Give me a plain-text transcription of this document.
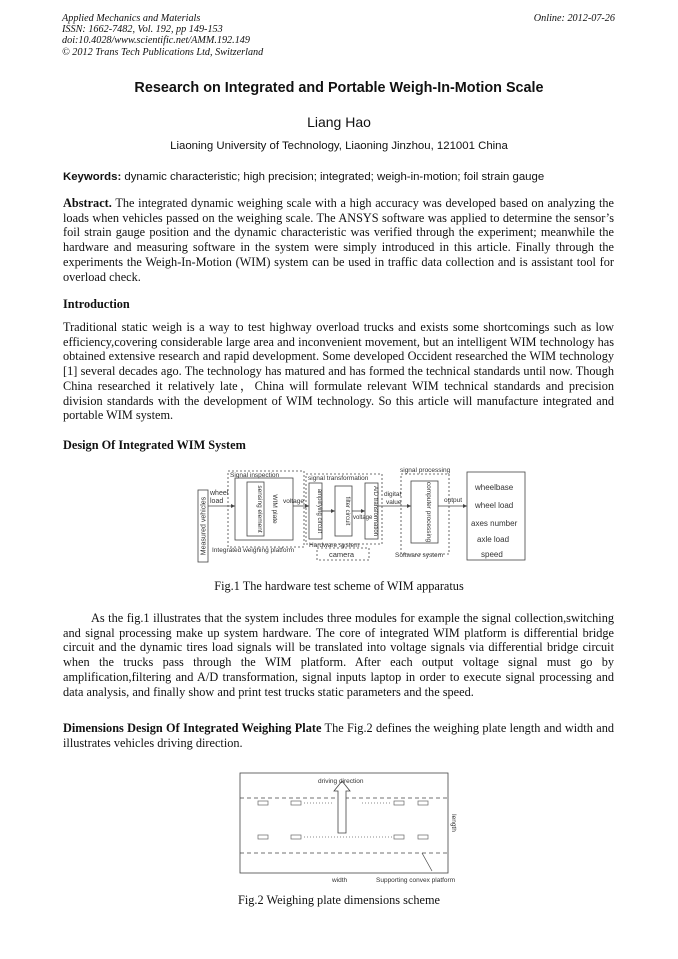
Applied Mechanics and Materials
ISSN: 1662-7482, Vol. 192, pp 149-153
doi:10.4028/www.scientific.net/AMM.192.149
© 2012 Trans Tech Publications Ltd, Switzerland
Online: 2012-07-26
Research on Integrated and Portable Weigh-In-Motion Scale
Liang Hao
Liaoning University of Technology, Liaoning Jinzhou, 121001 China
Keywords: dynamic characteristic; high precision; integrated; weigh-in-motion; foil strain gauge

Abstract. The integrated dynamic weighing scale with a high accuracy was developed based on analyzing the loads when vehicles passed on the weighing scale. The ANSYS software was applied to determine the sensor’s foil strain gauge position and the dynamic characteristic was verified through the experiment; meanwhile the hardware and measuring software in the system were simply introduced in this article. Finally through the experiments the Weigh-In-Motion (WIM) system can be used in traffic data collection and is assistant tool for overload check.

Introduction

Traditional static weigh is a way to test highway overload trucks and exists some shortcomings such as low efficiency,covering considerable large area and inconvenient movement, but an intelligent WIM technology has obtained extensive research and rapid development. Some developed Occident researched the WIM technology [1] several decades ago. The technology has matured and has formed the technical standards until now. Though China researched it relatively late，China will formulate relevant WIM technical standards and precision division standards with the development of WIM technology. So this article will manufacture integrated and portable WIM system.

Design Of Integrated WIM System
Measured vehicles
wheel
load
Signal inspection
sensing element WIM plate voltage
signal transformation
amplifying circuit	filter circuit voltage A/D transformation digital
value
signal processing
computer processing output
Integrated weighing platform
Hardware system
camera	Software system
wheelbase
wheel load
axes number
axle load
speed
Fig.1 The hardware test scheme of WIM apparatus

As the fig.1 illustrates that the system includes three modules for example the signal collection,switching and signal processing make up system hardware. The core of integrated WIM platform is differential bridge circuit and the dynamic tires load signals will be translated into voltage signals via differential bridge circuit when the trucks pass through the WIM platform. After each output voltage signal must go by amplification,filtering and A/D transformation, signal inputs laptop in order to execute signal processing and data analysis, and finally show and print test trucks static parameters and the speed.

Dimensions Design Of Integrated Weighing Plate The Fig.2 defines the weighing plate length and width and illustrates vehicles driving direction.

driving direction
length
width	Supporting convex platform
Fig.2 Weighing plate dimensions scheme
